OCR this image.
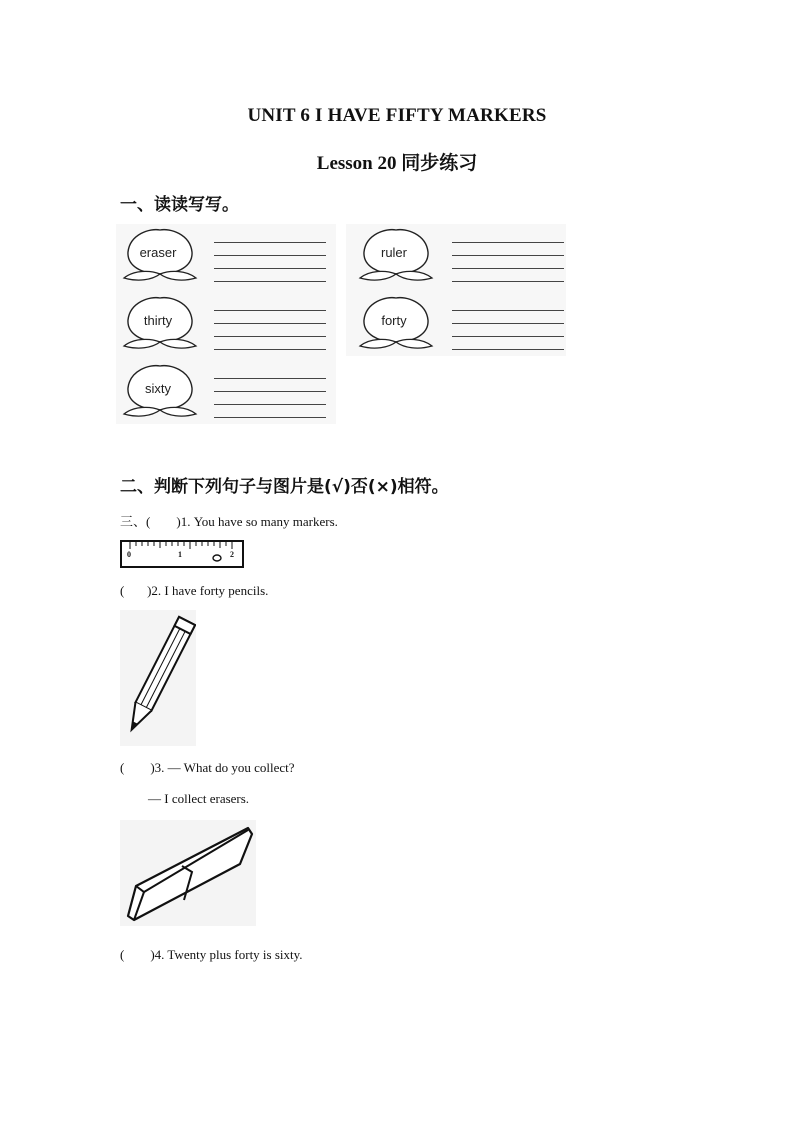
UNIT 6 I HAVE FIFTY MARKERS
Lesson 20 同步练习
一、读读写写。
eraser	ruler
thirty	forty
sixty
二、判断下列句子与图片是(√)否(×)相符。
三、(        )1. You have so many markers.
0	1	2
(       )2. I have forty pencils.
(        )3. — What do you collect?
— I collect erasers.
(        )4. Twenty plus forty is sixty.
